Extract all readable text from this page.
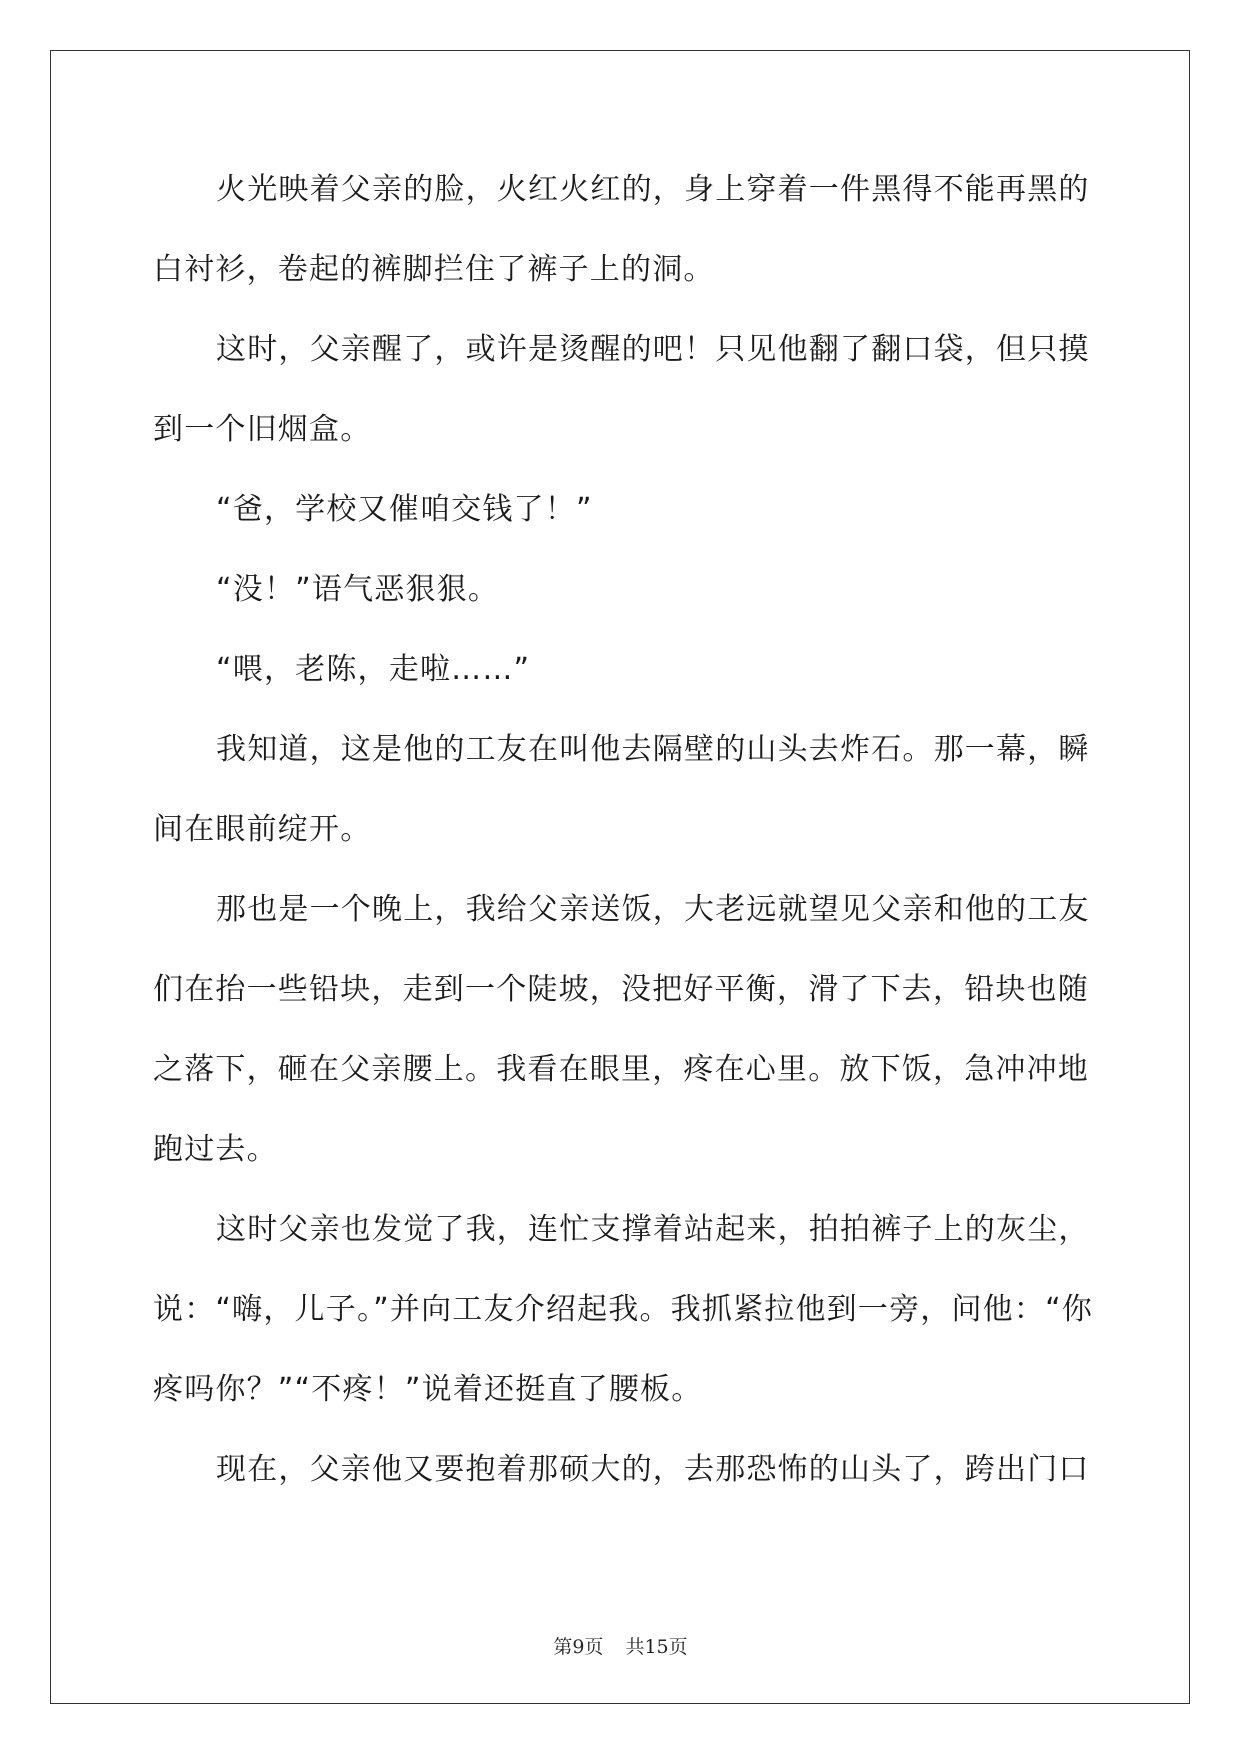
火光映着父亲的脸，火红火红的，身上穿着一件黑得不能再黑的
白衬衫，卷起的裤脚拦住了裤子上的洞。
这时，父亲醒了，或许是烫醒的吧！只见他翻了翻口袋，但只摸
到一个旧烟盒。
“爸，学校又催咱交钱了！”
“没！”语气恶狠狠。
“喂，老陈，走啦……”
我知道，这是他的工友在叫他去隔壁的山头去炸石。那一幕，瞬
间在眼前绽开。
那也是一个晚上，我给父亲送饭，大老远就望见父亲和他的工友
们在抬一些铅块，走到一个陡坡，没把好平衡，滑了下去，铅块也随
之落下，砸在父亲腰上。我看在眼里，疼在心里。放下饭，急冲冲地
跑过去。
这时父亲也发觉了我，连忙支撑着站起来，拍拍裤子上的灰尘，
说：“嗨，儿子。”并向工友介绍起我。我抓紧拉他到一旁，问他：“你
疼吗你？”“不疼！”说着还挺直了腰板。
现在，父亲他又要抱着那硕大的，去那恐怖的山头了，跨出门口
第9页 共15页
